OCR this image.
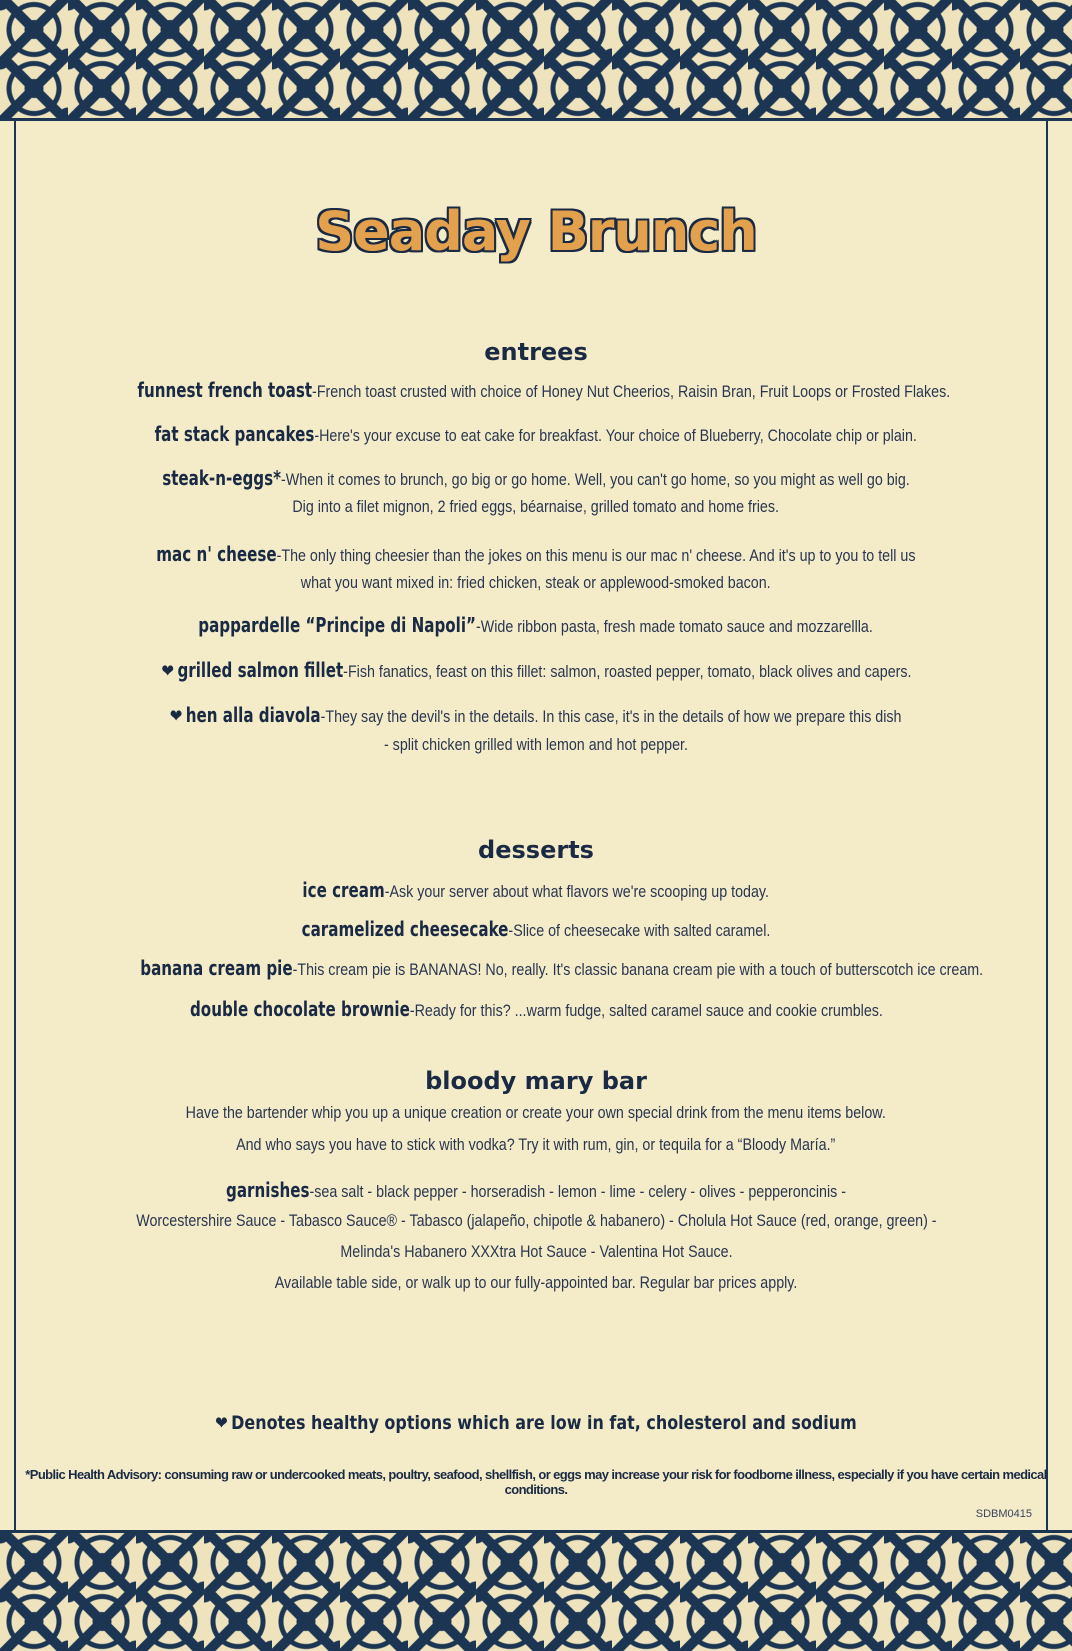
Seaday Brunch
entrees
funnest french toast-French toast crusted with choice of Honey Nut Cheerios, Raisin Bran, Fruit Loops or Frosted Flakes.
fat stack pancakes-Here's your excuse to eat cake for breakfast. Your choice of Blueberry, Chocolate chip or plain.
steak-n-eggs*-When it comes to brunch, go big or go home. Well, you can't go home, so you might as well go big.
Dig into a filet mignon, 2 fried eggs, béarnaise, grilled tomato and home fries.
mac n' cheese-The only thing cheesier than the jokes on this menu is our mac n' cheese. And it's up to you to tell us
what you want mixed in: fried chicken, steak or applewood-smoked bacon.
pappardelle “Principe di Napoli”-Wide ribbon pasta, fresh made tomato sauce and mozzarellla.
❤ grilled salmon fillet-Fish fanatics, feast on this fillet: salmon, roasted pepper, tomato, black olives and capers.
❤ hen alla diavola-They say the devil's in the details. In this case, it's in the details of how we prepare this dish
- split chicken grilled with lemon and hot pepper.
desserts
ice cream-Ask your server about what flavors we're scooping up today.
caramelized cheesecake-Slice of cheesecake with salted caramel.
banana cream pie-This cream pie is BANANAS! No, really. It's classic banana cream pie with a touch of butterscotch ice cream.
double chocolate brownie-Ready for this? ...warm fudge, salted caramel sauce and cookie crumbles.
bloody mary bar
Have the bartender whip you up a unique creation or create your own special drink from the menu items below.
And who says you have to stick with vodka? Try it with rum, gin, or tequila for a “Bloody María.”
garnishes-sea salt - black pepper - horseradish - lemon - lime - celery - olives - pepperoncinis -
Worcestershire Sauce - Tabasco Sauce® - Tabasco (jalapeño, chipotle & habanero) - Cholula Hot Sauce (red, orange, green) -
Melinda's Habanero XXXtra Hot Sauce - Valentina Hot Sauce.
Available table side, or walk up to our fully-appointed bar. Regular bar prices apply.
❤ Denotes healthy options which are low in fat, cholesterol and sodium
*Public Health Advisory: consuming raw or undercooked meats, poultry, seafood, shellfish, or eggs may increase your risk for foodborne illness, especially if you have certain medical conditions.
SDBM0415
